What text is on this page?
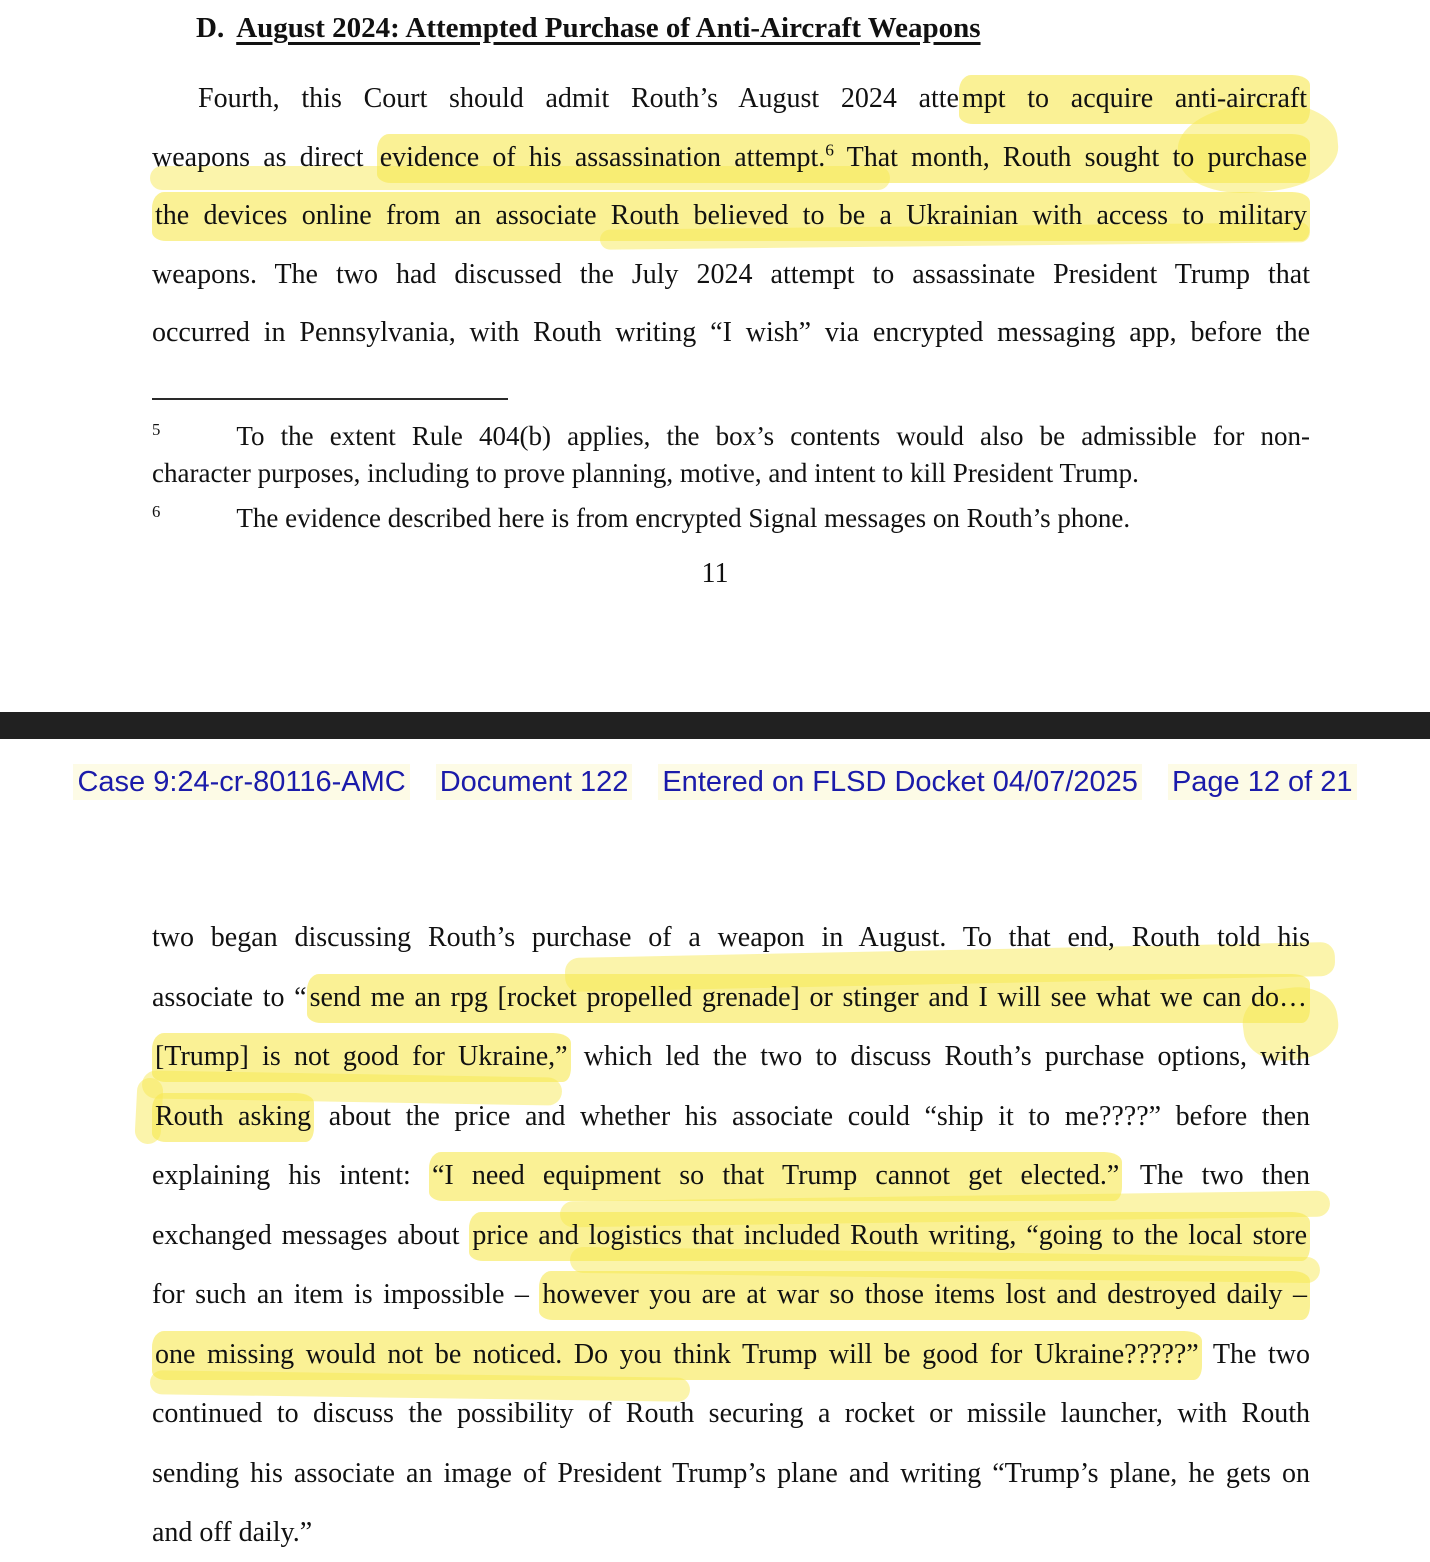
D. August 2024: Attempted Purchase of Anti-Aircraft Weapons
Fourth, this Court should admit Routh’s August 2024 atte mpt to acquire anti-aircraft
weapons as direct evidence of his assassination attempt.$^6$ That month, Routh sought to purchase
the devices online from an associate Routh believed to be a Ukrainian with access to military
weapons. The two had discussed the July 2024 attempt to assassinate President Trump that
occurred in Pennsylvania, with Routh writing “I wish” via encrypted messaging app, before the
$^5$	To the extent Rule 404(b) applies, the box’s contents would also be admissible for non-
character purposes, including to prove planning, motive, and intent to kill President Trump.
$^6$	The evidence described here is from encrypted Signal messages on Routh’s phone.
11
Case 9:24-cr-80116-AMC Document 122 Entered on FLSD Docket 04/07/2025 Page 12 of 21
two began discussing Routh’s purchase of a weapon in August. To that end, Routh told his
associate to “ send me an rpg [rocket propelled grenade] or stinger and I will see what we can do…
[Trump] is not good for Ukraine,” which led the two to discuss Routh’s purchase options, with
Routh asking about the price and whether his associate could “ship it to me????” before then
explaining his intent: “I need equipment so that Trump cannot get elected.” The two then
exchanged messages about price and logistics that included Routh writing, “going to the local store
for such an item is impossible – however you are at war so those items lost and destroyed daily –
one missing would not be noticed. Do you think Trump will be good for Ukraine?????” The two
continued to discuss the possibility of Routh securing a rocket or missile launcher, with Routh
sending his associate an image of President Trump’s plane and writing “Trump’s plane, he gets on
and off daily.”
